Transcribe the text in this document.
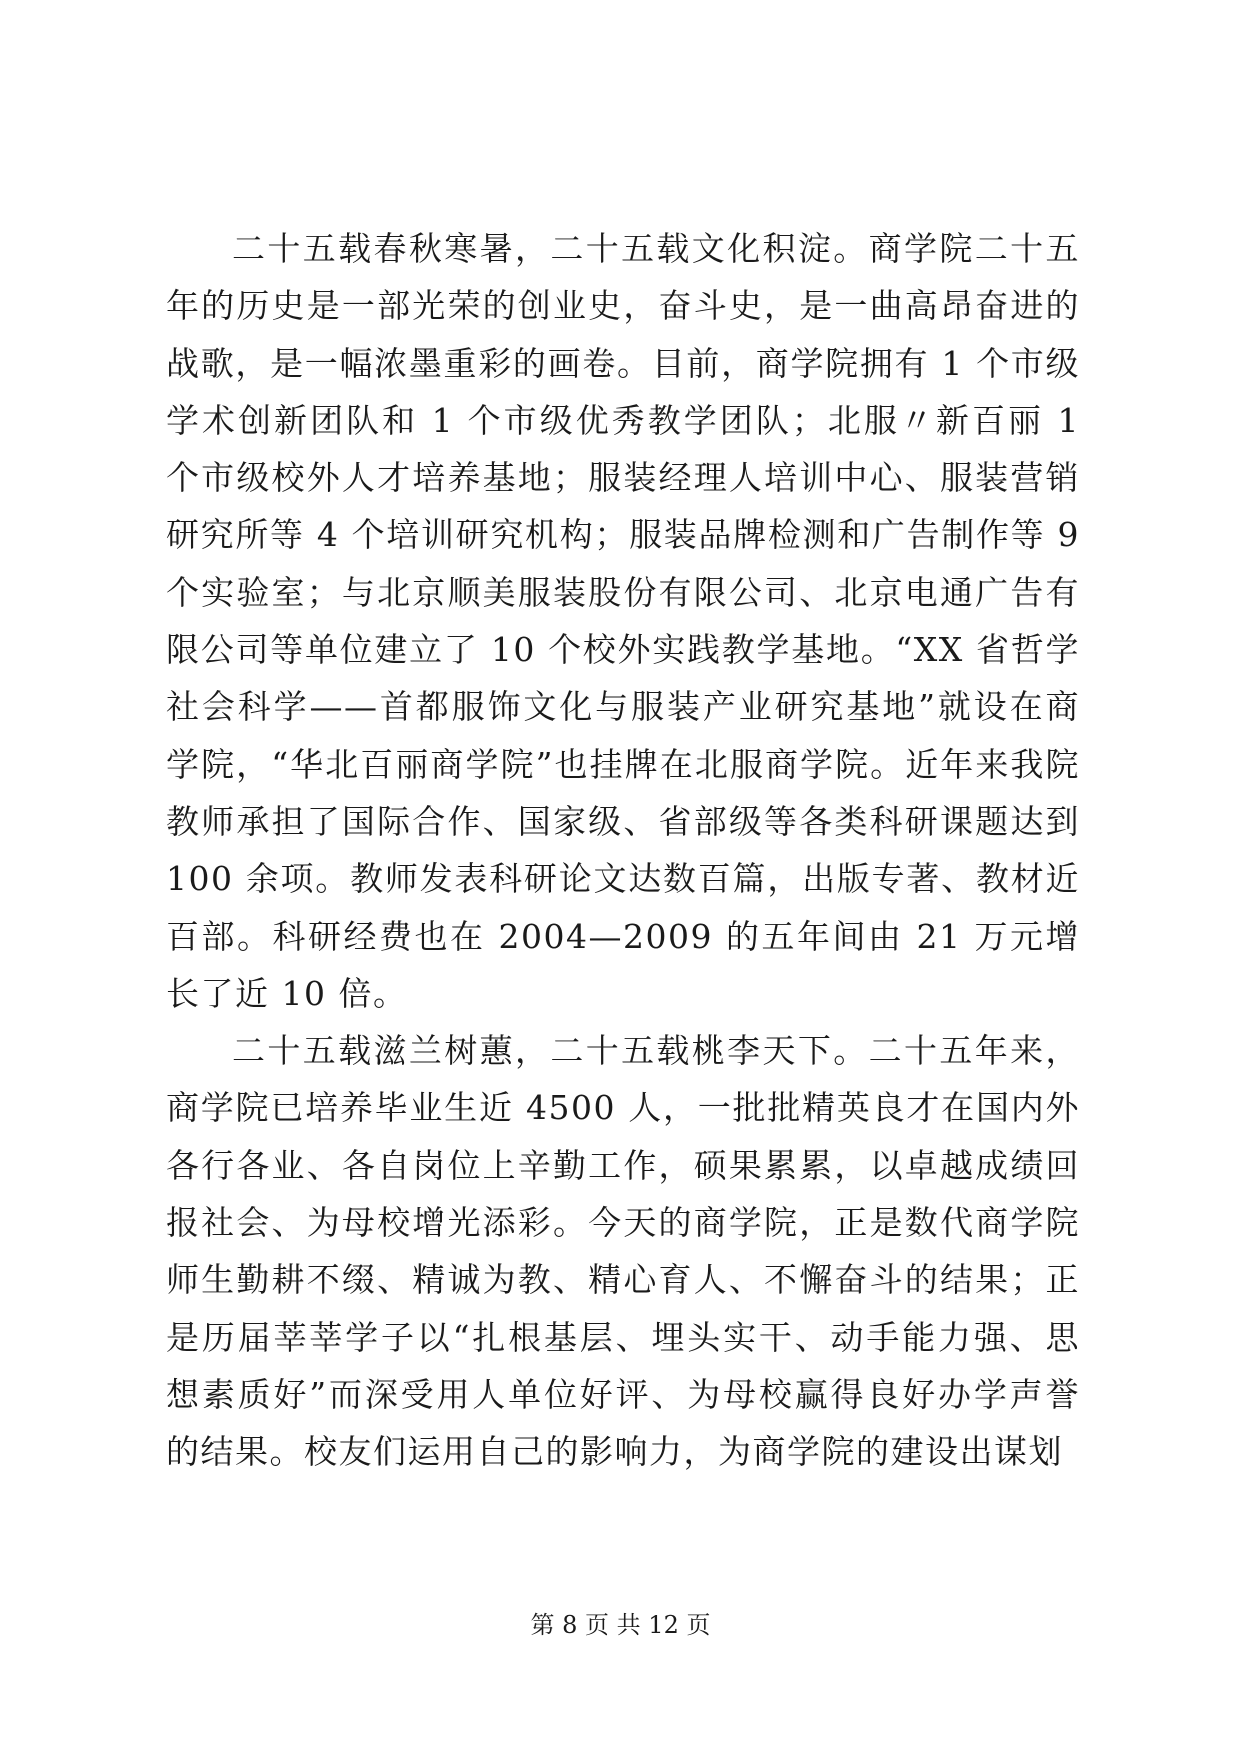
二十五载春秋寒暑，二十五载文化积淀。商学院二十五年的历史是一部光荣的创业史，奋斗史，是一曲高昂奋进的战歌，是一幅浓墨重彩的画卷。目前，商学院拥有 1 个市级学术创新团队和 1 个市级优秀教学团队；北服〃新百丽 1 个市级校外人才培养基地；服装经理人培训中心、服装营销研究所等 4 个培训研究机构；服装品牌检测和广告制作等 9 个实验室；与北京顺美服装股份有限公司、北京电通广告有限公司等单位建立了 10 个校外实践教学基地。“XX 省哲学社会科学——首都服饰文化与服装产业研究基地”就设在商学院，“华北百丽商学院”也挂牌在北服商学院。近年来我院教师承担了国际合作、国家级、省部级等各类科研课题达到 100 余项。教师发表科研论文达数百篇，出版专著、教材近百部。科研经费也在 2004—2009 的五年间由 21 万元增长了近 10 倍。

二十五载滋兰树蕙，二十五载桃李天下。二十五年来，商学院已培养毕业生近 4500 人，一批批精英良才在国内外各行各业、各自岗位上辛勤工作，硕果累累，以卓越成绩回报社会、为母校增光添彩。今天的商学院，正是数代商学院师生勤耕不缀、精诚为教、精心育人、不懈奋斗的结果；正是历届莘莘学子以“扎根基层、埋头实干、动手能力强、思想素质好”而深受用人单位好评、为母校赢得良好办学声誉的结果。校友们运用自己的影响力，为商学院的建设出谋划

第 8 页 共 12 页
